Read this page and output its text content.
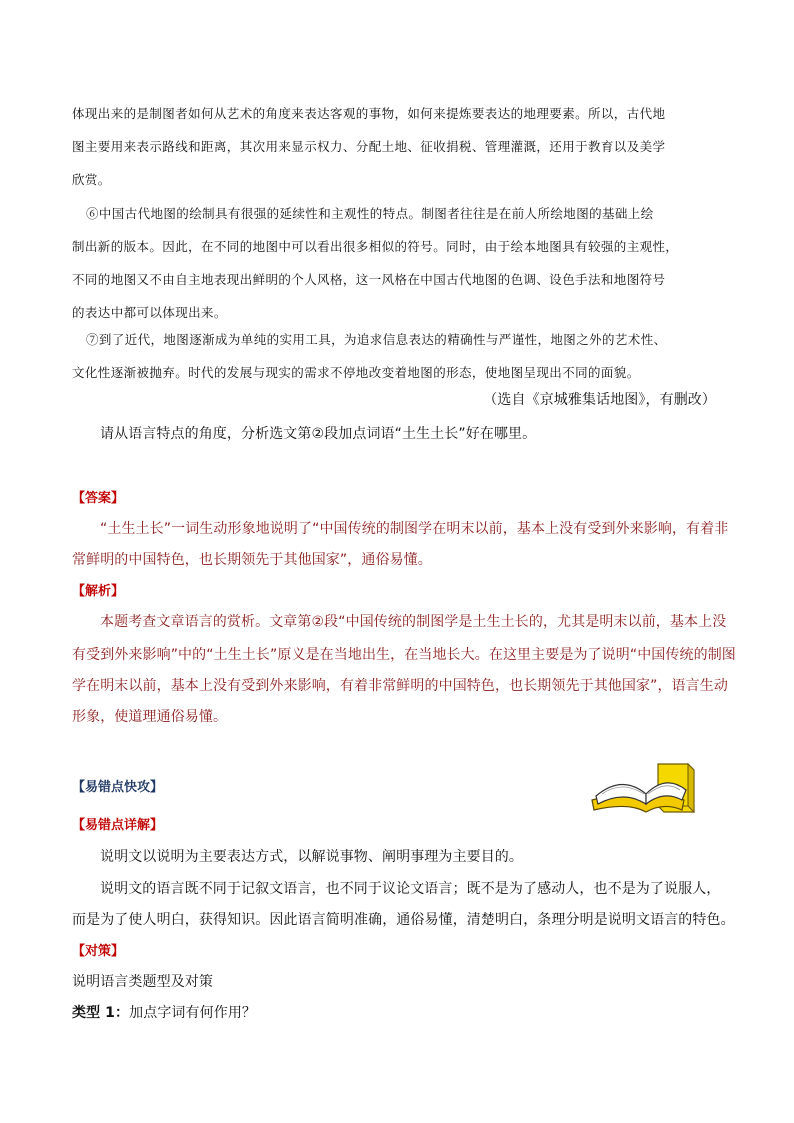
体现出来的是制图者如何从艺术的角度来表达客观的事物，如何来提炼要表达的地理要素。所以，古代地
图主要用来表示路线和距离，其次用来显示权力、分配土地、征收捐税、管理灌溉，还用于教育以及美学
欣赏。
⑥中国古代地图的绘制具有很强的延续性和主观性的特点。制图者往往是在前人所绘地图的基础上绘
制出新的版本。因此，在不同的地图中可以看出很多相似的符号。同时，由于绘本地图具有较强的主观性，
不同的地图又不由自主地表现出鲜明的个人风格，这一风格在中国古代地图的色调、设色手法和地图符号
的表达中都可以体现出来。
⑦到了近代，地图逐渐成为单纯的实用工具，为追求信息表达的精确性与严谨性，地图之外的艺术性、
文化性逐渐被抛弃。时代的发展与现实的需求不停地改变着地图的形态，使地图呈现出不同的面貌。
（选自《京城雅集话地图》，有删改）
请从语言特点的角度，分析选文第②段加点词语“土生土长”好在哪里。
【答案】
“土生土长”一词生动形象地说明了“中国传统的制图学在明末以前，基本上没有受到外来影响，有着非
常鲜明的中国特色，也长期领先于其他国家”，通俗易懂。
【解析】
本题考查文章语言的赏析。文章第②段“中国传统的制图学是土生土长的，尤其是明末以前，基本上没
有受到外来影响”中的“土生土长”原义是在当地出生，在当地长大。在这里主要是为了说明“中国传统的制图
学在明末以前，基本上没有受到外来影响，有着非常鲜明的中国特色，也长期领先于其他国家”，语言生动
形象，使道理通俗易懂。
【易错点快攻】
【易错点详解】
说明文以说明为主要表达方式，以解说事物、阐明事理为主要目的。
说明文的语言既不同于记叙文语言，也不同于议论文语言；既不是为了感动人，也不是为了说服人，
而是为了使人明白，获得知识。因此语言简明准确，通俗易懂，清楚明白，条理分明是说明文语言的特色。
【对策】
说明语言类题型及对策
类型 1：加点字词有何作用？
